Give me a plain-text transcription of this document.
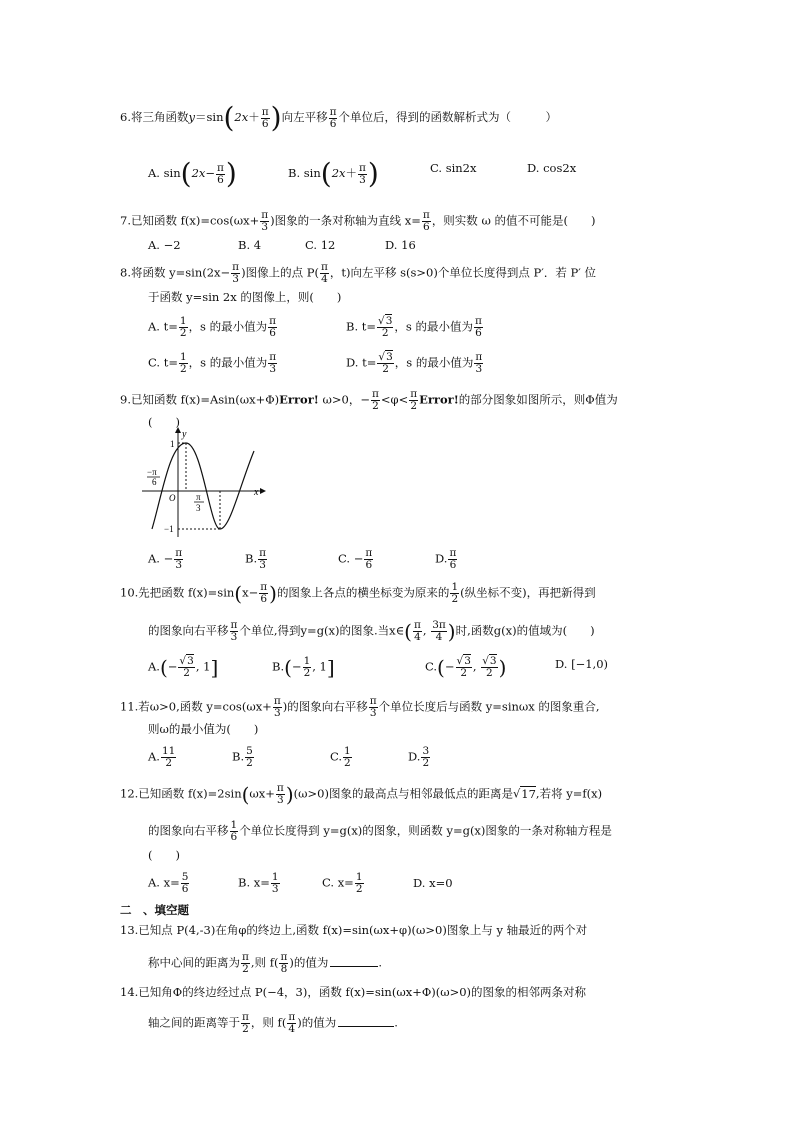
6.将三角函数$y=\sin(2x+ \frac{\pi}{6}$ )向左平移 $\frac{\pi}{6}$ 个单位后，得到的函数解析式为（　　　）
A. $\sin(2x- \frac{\pi}{6}$ )	B. $\sin(2x+ \frac{\pi}{3}$ )	C. sin2x	D. cos2x
7.已知函数 $f(x)=\cos(\omega x+ \frac{\pi}{3}$ )图象的一条对称轴为直线 $x= \frac{\pi}{6}$ ，则实数 ω 的值不可能是(　　)
A. −2	B. 4	C. 12	D. 16
8.将函数 $y=\sin(2x- \frac{\pi}{3}$ )图像上的点 $P( \frac{\pi}{4}$ ，t)向左平移 s(s>0)个单位长度得到点 P′．若 P′ 位
于函数 y=sin 2x 的图像上，则(　　)
A. $t= \frac{1}{2}$ ，s 的最小值为 $\frac{\pi}{6}$	B. $t= \frac{√3}{2}$ ，s 的最小值为 $\frac{\pi}{6}$
C. $t= \frac{1}{2}$ ，s 的最小值为 $\frac{\pi}{3}$	D. $t= \frac{√3}{2}$ ，s 的最小值为 $\frac{\pi}{3}$
9.已知函数 f(x)=Asin(ωx+Φ)Error! ω>0，− $\frac{\pi}{2} <\varphi< \frac{\pi}{2}$ Error!的部分图象如图所示，则Φ值为
(　　)
y
x
1
−1
O
−π
6
π
3
A. − $\frac{\pi}{3}$	B. $\frac{\pi}{3}$	C. − $\frac{\pi}{6}$	D. $\frac{\pi}{6}$
10.先把函数 $f(x)=\sin(x- \frac{\pi}{6}$ )的图象上各点的横坐标变为原来的 $\frac{1}{2}$ (纵坐标不变)，再把新得到
的图象向右平移 $\frac{\pi}{3}$ 个单位,得到y=g(x)的图象.当x∈( $\frac{\pi}{4}$ , $\frac{3\pi}{4}$ )时,函数g(x)的值域为(　　)
$A.(- \frac{√3}{2}$ , 1]	$B.(- \frac{1}{2}$ , 1]	$C.(- \frac{√3}{2}$ , $\frac{√3}{2}$ )	D. [−1,0)
11.若ω>0,函数 $y=\cos(\omega x+ \frac{\pi}{3}$ )的图象向右平移 $\frac{\pi}{3}$ 个单位长度后与函数 y=sinωx 的图象重合,
则ω的最小值为(　　)
A. $\frac{11}{2}$	B. $\frac{5}{2}$	C. $\frac{1}{2}$	D. $\frac{3}{2}$
12.已知函数 $f(x)=2\sin(\omega x+ \frac{\pi}{3} )(\omega>0)$图象的最高点与相邻最低点的距离是√17,若将 y=f(x)
的图象向右平移 $\frac{1}{6}$ 个单位长度得到 y=g(x)的图象，则函数 y=g(x)图象的一条对称轴方程是
(　　)
A. $x= \frac{5}{6}$	B. $x= \frac{1}{3}$	C. $x= \frac{1}{2}$	D. x=0
二　、填空题
13.已知点 P(4,-3)在角φ的终边上,函数 f(x)=sin(ωx+φ)(ω>0)图象上与 y 轴最近的两个对
称中心间的距离为 $\frac{\pi}{2}$ ,则 $f( \frac{\pi}{8}$ )的值为	.
14.已知角Φ的终边经过点 P(−4，3)，函数 f(x)=sin(ωx+Φ)(ω>0)的图象的相邻两条对称
轴之间的距离等于 $\frac{\pi}{2}$ ，则 $f( \frac{\pi}{4}$ )的值为	.
